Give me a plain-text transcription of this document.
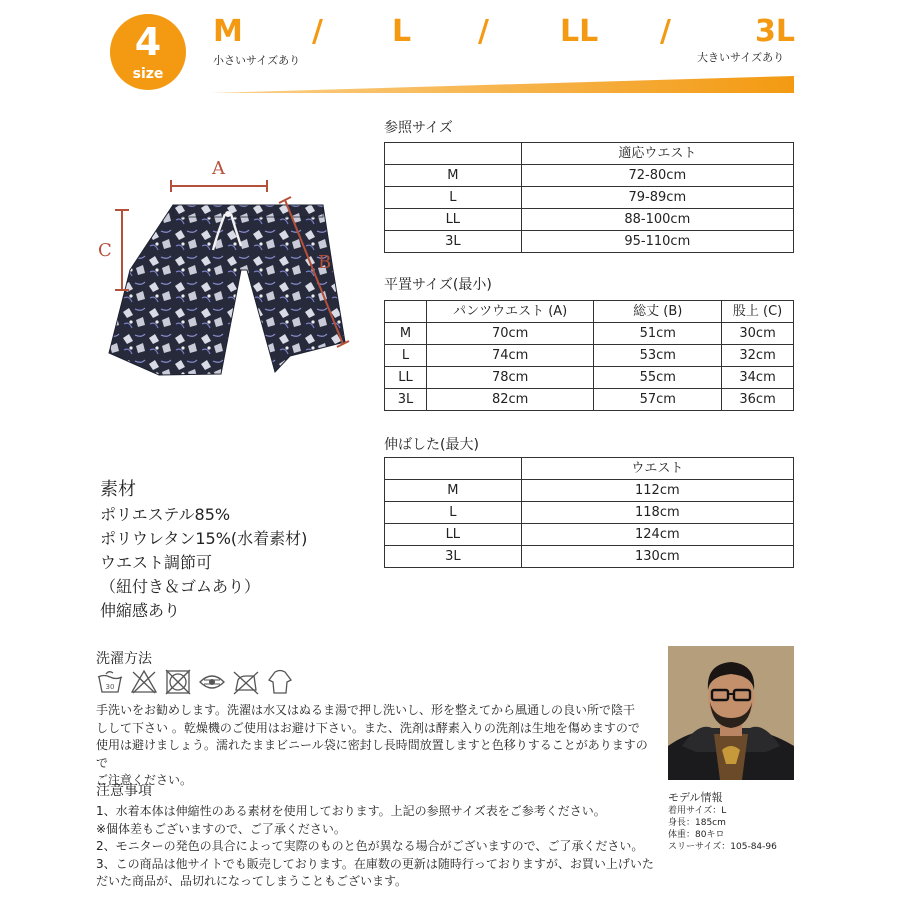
4
size
M / L / LL /	3L
小さいサイズあり	大きいサイズあり
A
C
B
参照サイズ
	適応ウエスト
M	72-80cm
L	79-89cm
LL	88-100cm
3L	95-110cm
平置サイズ(最小)
	パンツウエスト (A)	総丈 (B)	股上 (C)
M	70cm	51cm	30cm
L	74cm	53cm	32cm
LL	78cm	55cm	34cm
3L	82cm	57cm	36cm
伸ばした(最大)
	ウエスト
M	112cm
L	118cm
LL	124cm
3L	130cm
素材
ポリエステル85%
ポリウレタン15%(水着素材)
ウエスト調節可
（紐付き＆ゴムあり）
伸縮感あり
洗濯方法
30
手洗いをお勧めします。洗濯は水又はぬるま湯で押し洗いし、形を整えてから風通しの良い所で陰干
しして下さい 。乾燥機のご使用はお避け下さい。また、洗剤は酵素入りの洗剤は生地を傷めますので
使用は避けましょう。濡れたままビニール袋に密封し長時間放置しますと色移りすることがありますので
ご注意ください。
注意事項
1、水着本体は伸縮性のある素材を使用しております。上記の参照サイズ表をご参考ください。
※個体差もございますので、ご了承ください。
2、モニターの発色の具合によって実際のものと色が異なる場合がございますので、ご了承ください。
3、この商品は他サイトでも販売しております。在庫数の更新は随時行っておりますが、お買い上げいた
だいた商品が、品切れになってしまうこともございます。
モデル情報
着用サイズ：L
身長：185cm
体重：80キロ
スリーサイズ：105-84-96
